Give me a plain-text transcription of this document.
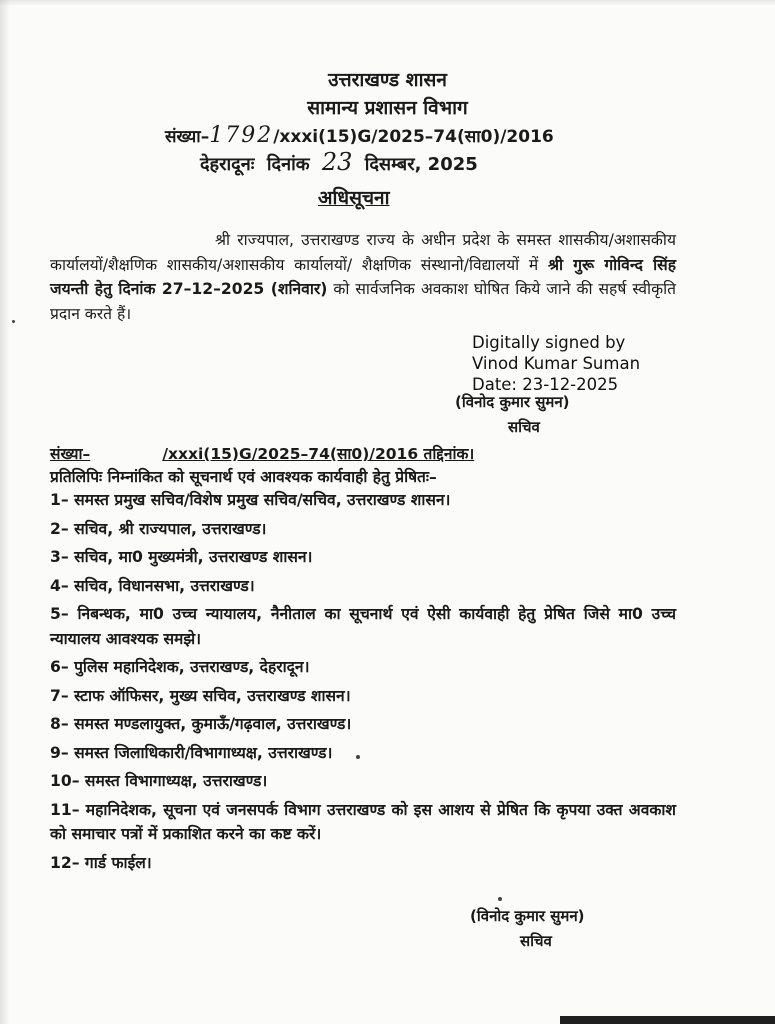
उत्तराखण्ड शासन
सामान्य प्रशासन विभाग
संख्या–1792/xxxi(15)G/2025–74(सा0)/2016
देहरादूनः दिनांक 23 दिसम्बर, 2025
अधिसूचना
श्री राज्यपाल, उत्तराखण्ड राज्य के अधीन प्रदेश के समस्त शासकीय/अशासकीय कार्यालयों/शैक्षणिक शासकीय/अशासकीय कार्यालयों/ शैक्षणिक संस्थानो/विद्यालयों में श्री गुरू गोविन्द सिंह जयन्ती हेतु दिनांक 27–12–2025 (शनिवार) को सार्वजनिक अवकाश घोषित किये जाने की सहर्ष स्वीकृति प्रदान करते हैं।
Digitally signed by
Vinod Kumar Suman
Date: 23-12-2025
(विनोद कुमार सुमन)
सचिव
संख्या–	/xxxi(15)G/2025–74(सा0)/2016 तद्दिनांक।
प्रतिलिपिः निम्नांकित को सूचनार्थ एवं आवश्यक कार्यवाही हेतु प्रेषितः–
1– समस्त प्रमुख सचिव/विशेष प्रमुख सचिव/सचिव, उत्तराखण्ड शासन।
2– सचिव, श्री राज्यपाल, उत्तराखण्ड।
3– सचिव, मा0 मुख्यमंत्री, उत्तराखण्ड शासन।
4– सचिव, विधानसभा, उत्तराखण्ड।
5– निबन्धक, मा0 उच्च न्यायालय, नैनीताल का सूचनार्थ एवं ऐसी कार्यवाही हेतु प्रेषित जिसे मा0 उच्च न्यायालय आवश्यक समझे।
6– पुलिस महानिदेशक, उत्तराखण्ड, देहरादून।
7– स्टाफ ऑफिसर, मुख्य सचिव, उत्तराखण्ड शासन।
8– समस्त मण्डलायुक्त, कुमाऊँ/गढ़वाल, उत्तराखण्ड।
9– समस्त जिलाधिकारी/विभागाध्यक्ष, उत्तराखण्ड।
10– समस्त विभागाध्यक्ष, उत्तराखण्ड।
11– महानिदेशक, सूचना एवं जनसपर्क विभाग उत्तराखण्ड को इस आशय से प्रेषित कि कृपया उक्त अवकाश को समाचार पत्रों में प्रकाशित करने का कष्ट करें।
12– गार्ड फाईल।
(विनोद कुमार सुमन)
सचिव
